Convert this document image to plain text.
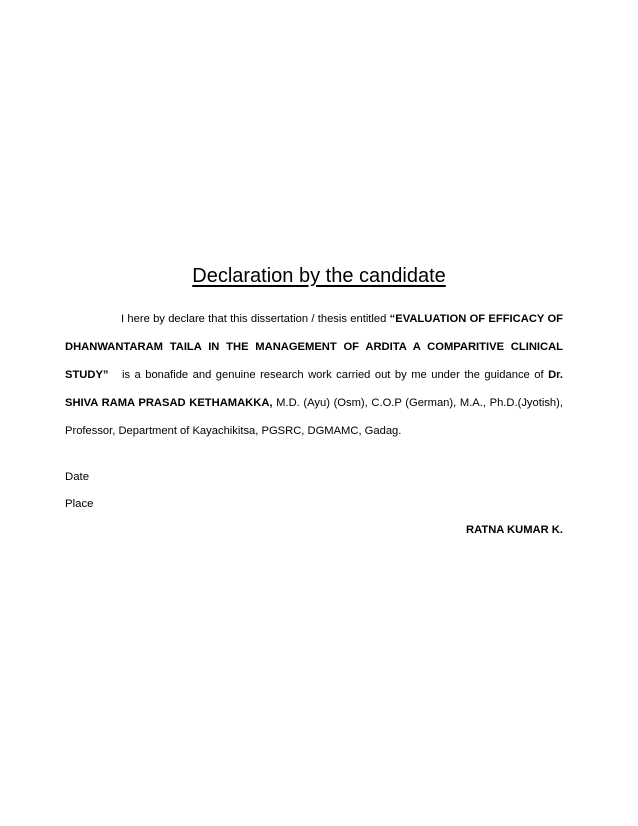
Declaration by the candidate

I here by declare that this dissertation / thesis entitled “EVALUATION OF EFFICACY OF DHANWANTARAM TAILA IN THE MANAGEMENT OF ARDITA A COMPARITIVE CLINICAL STUDY”   is a bonafide and genuine research work carried out by me under the guidance of Dr. SHIVA RAMA PRASAD KETHAMAKKA, M.D. (Ayu) (Osm), C.O.P (German), M.A., Ph.D.(Jyotish), Professor, Department of Kayachikitsa, PGSRC, DGMAMC, Gadag.

Date

Place

RATNA KUMAR K.
